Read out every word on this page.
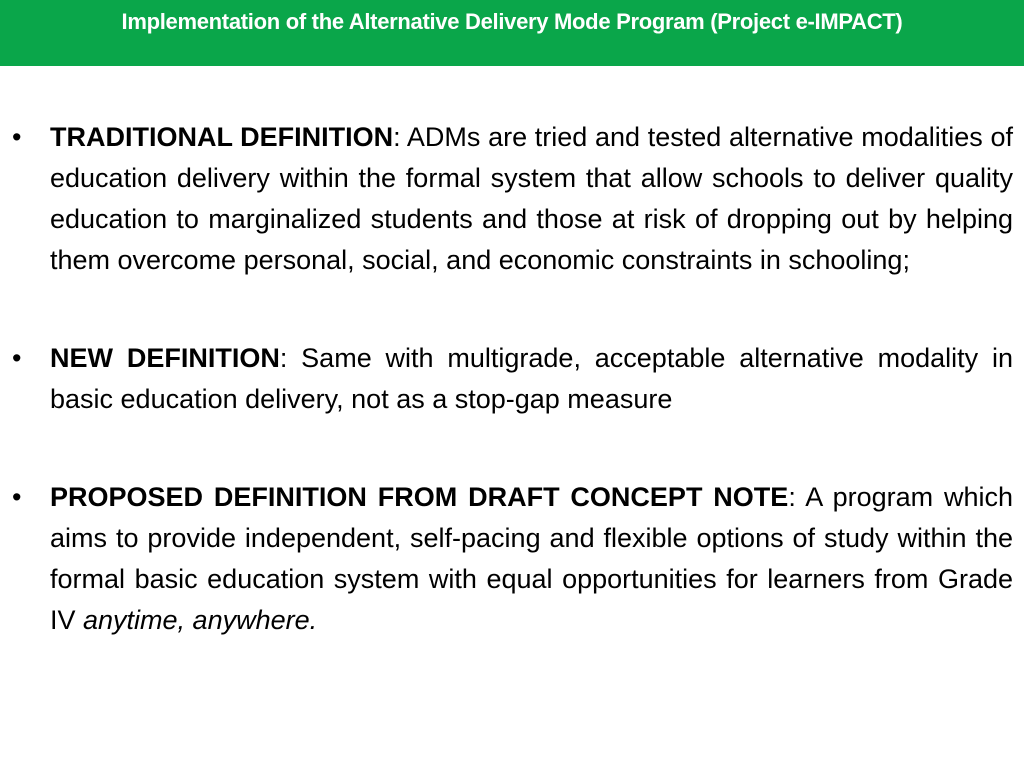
Implementation of the Alternative Delivery Mode Program (Project e-IMPACT)
• TRADITIONAL DEFINITION: ADMs are tried and tested alternative modalities of education delivery within the formal system that allow schools to deliver quality education to marginalized students and those at risk of dropping out by helping them overcome personal, social, and economic constraints in schooling;
• NEW DEFINITION: Same with multigrade, acceptable alternative modality in basic education delivery, not as a stop-gap measure
• PROPOSED DEFINITION FROM DRAFT CONCEPT NOTE: A program which aims to provide independent, self-pacing and flexible options of study within the formal basic education system with equal opportunities for learners from Grade IV anytime, anywhere.
